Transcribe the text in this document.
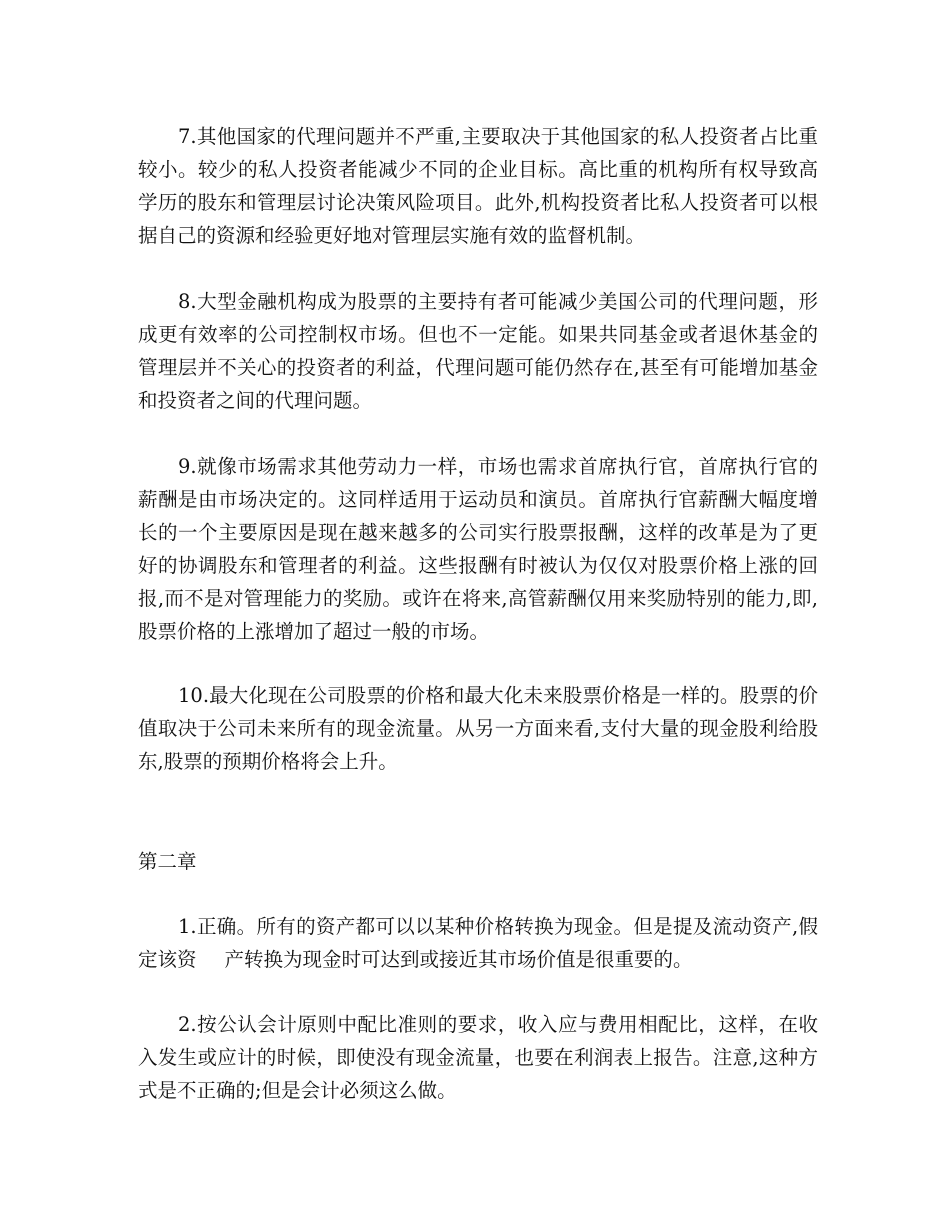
7.其他国家的代理问题并不严重,主要取决于其他国家的私人投资者占比重较小。较少的私人投资者能减少不同的企业目标。高比重的机构所有权导致高学历的股东和管理层讨论决策风险项目。此外,机构投资者比私人投资者可以根据自己的资源和经验更好地对管理层实施有效的监督机制。

8.大型金融机构成为股票的主要持有者可能减少美国公司的代理问题，形成更有效率的公司控制权市场。但也不一定能。如果共同基金或者退休基金的管理层并不关心的投资者的利益，代理问题可能仍然存在,甚至有可能增加基金和投资者之间的代理问题。

9.就像市场需求其他劳动力一样，市场也需求首席执行官，首席执行官的薪酬是由市场决定的。这同样适用于运动员和演员。首席执行官薪酬大幅度增长的一个主要原因是现在越来越多的公司实行股票报酬，这样的改革是为了更好的协调股东和管理者的利益。这些报酬有时被认为仅仅对股票价格上涨的回报,而不是对管理能力的奖励。或许在将来,高管薪酬仅用来奖励特别的能力,即,股票价格的上涨增加了超过一般的市场。

10.最大化现在公司股票的价格和最大化未来股票价格是一样的。股票的价值取决于公司未来所有的现金流量。从另一方面来看,支付大量的现金股利给股东,股票的预期价格将会上升。

第二章

1.正确。所有的资产都可以以某种价格转换为现金。但是提及流动资产,假定该资 产转换为现金时可达到或接近其市场价值是很重要的。

2.按公认会计原则中配比准则的要求，收入应与费用相配比，这样，在收入发生或应计的时候，即使没有现金流量，也要在利润表上报告。注意,这种方式是不正确的;但是会计必须这么做。
